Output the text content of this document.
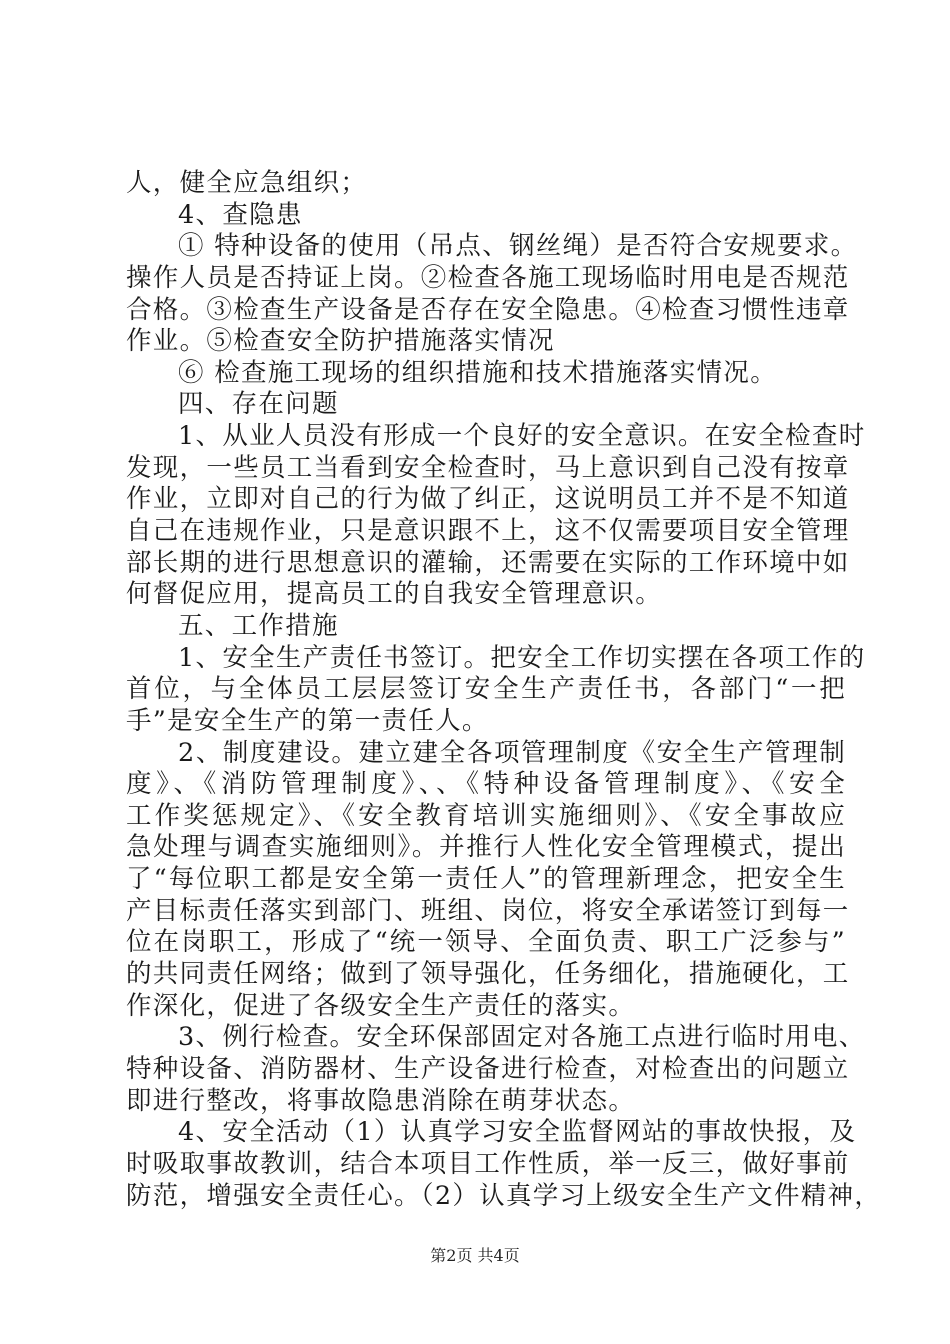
人，健全应急组织；
4、查隐患
① 特种设备的使用（吊点、钢丝绳）是否符合安规要求。
操作人员是否持证上岗。②检查各施工现场临时用电是否规范
合格。③检查生产设备是否存在安全隐患。④检查习惯性违章
作业。⑤检查安全防护措施落实情况
⑥ 检查施工现场的组织措施和技术措施落实情况。
四、存在问题
1、从业人员没有形成一个良好的安全意识。在安全检查时
发现，一些员工当看到安全检查时，马上意识到自己没有按章
作业，立即对自己的行为做了纠正，这说明员工并不是不知道
自己在违规作业，只是意识跟不上，这不仅需要项目安全管理
部长期的进行思想意识的灌输，还需要在实际的工作环境中如
何督促应用，提高员工的自我安全管理意识。
五、工作措施
1、安全生产责任书签订。把安全工作切实摆在各项工作的
首位，与全体员工层层签订安全生产责任书，各部门“一把
手”是安全生产的第一责任人。
2、制度建设。建立建全各项管理制度《安全生产管理制
度》、《消防管理制度》、、《特种设备管理制度》、《安全
工作奖惩规定》、《安全教育培训实施细则》、《安全事故应
急处理与调查实施细则》。并推行人性化安全管理模式，提出
了“每位职工都是安全第一责任人”的管理新理念，把安全生
产目标责任落实到部门、班组、岗位，将安全承诺签订到每一
位在岗职工，形成了“统一领导、全面负责、职工广泛参与”
的共同责任网络；做到了领导强化，任务细化，措施硬化，工
作深化，促进了各级安全生产责任的落实。
3、例行检查。安全环保部固定对各施工点进行临时用电、
特种设备、消防器材、生产设备进行检查，对检查出的问题立
即进行整改，将事故隐患消除在萌芽状态。
4、安全活动（1）认真学习安全监督网站的事故快报，及
时吸取事故教训，结合本项目工作性质，举一反三，做好事前
防范，增强安全责任心。（2）认真学习上级安全生产文件精神，
第2页 共4页
